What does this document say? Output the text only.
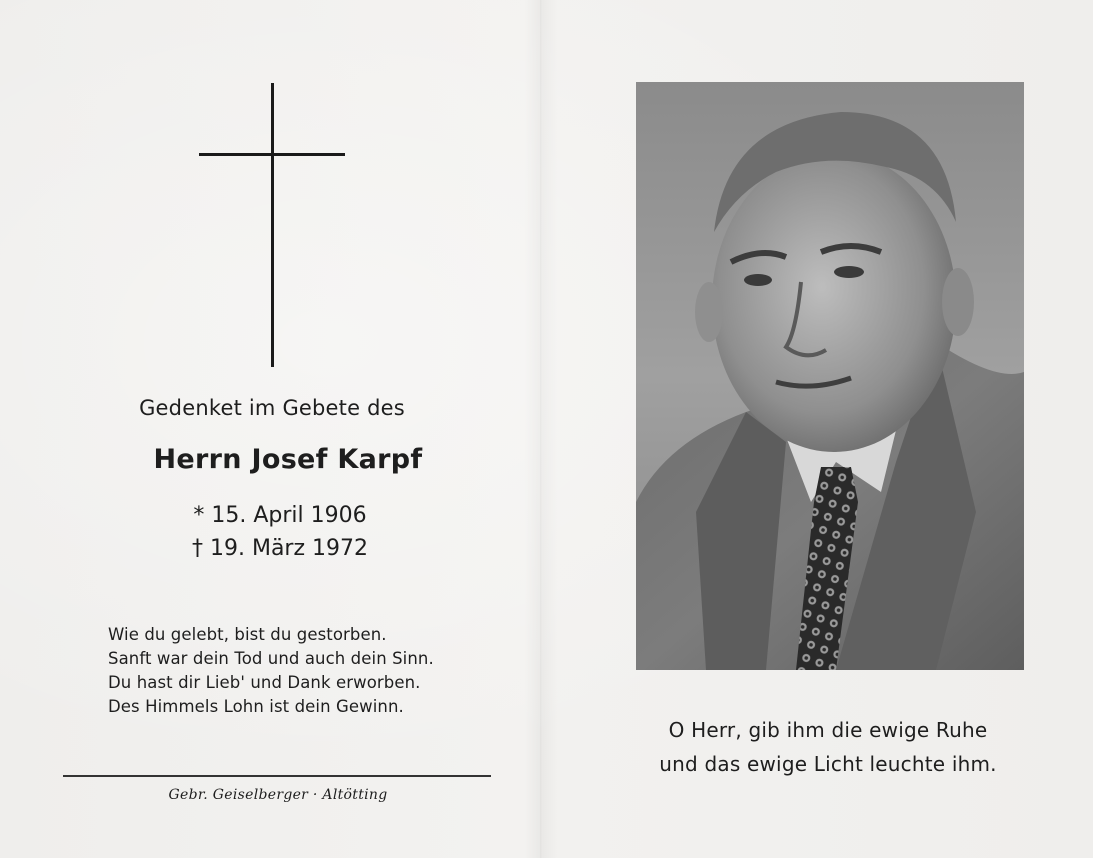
Gedenket im Gebete des
Herrn Josef Karpf
* 15. April 1906
† 19. März 1972
Wie du gelebt, bist du gestorben.
Sanft war dein Tod und auch dein Sinn.
Du hast dir Lieb' und Dank erworben.
Des Himmels Lohn ist dein Gewinn.
Gebr. Geiselberger · Altötting
O Herr, gib ihm die ewige Ruhe
und das ewige Licht leuchte ihm.
